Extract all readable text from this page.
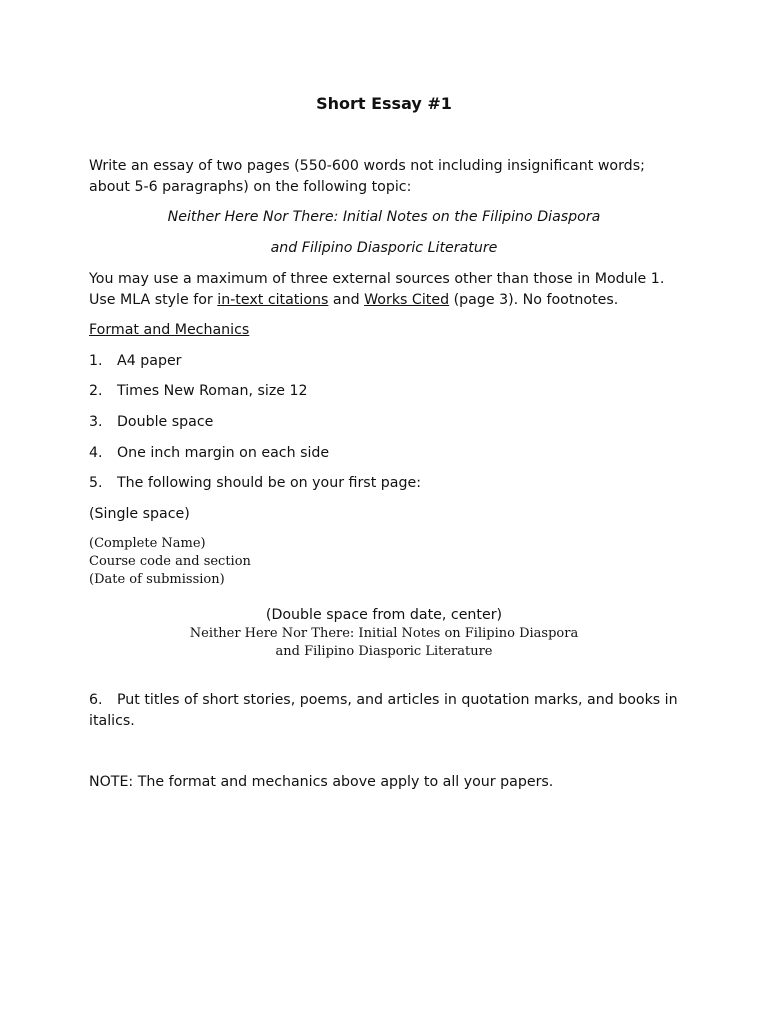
Short Essay #1
Write an essay of two pages (550-600 words not including insignificant words; about 5-6 paragraphs) on the following topic:
Neither Here Nor There: Initial Notes on the Filipino Diaspora
and Filipino Diasporic Literature
You may use a maximum of three external sources other than those in Module 1. Use MLA style for in-text citations and Works Cited (page 3). No footnotes.
Format and Mechanics
1. A4 paper
2. Times New Roman, size 12
3. Double space
4. One inch margin on each side
5. The following should be on your first page:
(Single space)
(Complete Name)
Course code and section
(Date of submission)
(Double space from date, center)
Neither Here Nor There: Initial Notes on Filipino Diaspora
and Filipino Diasporic Literature
6. Put titles of short stories, poems, and articles in quotation marks, and books in italics.
NOTE: The format and mechanics above apply to all your papers.
